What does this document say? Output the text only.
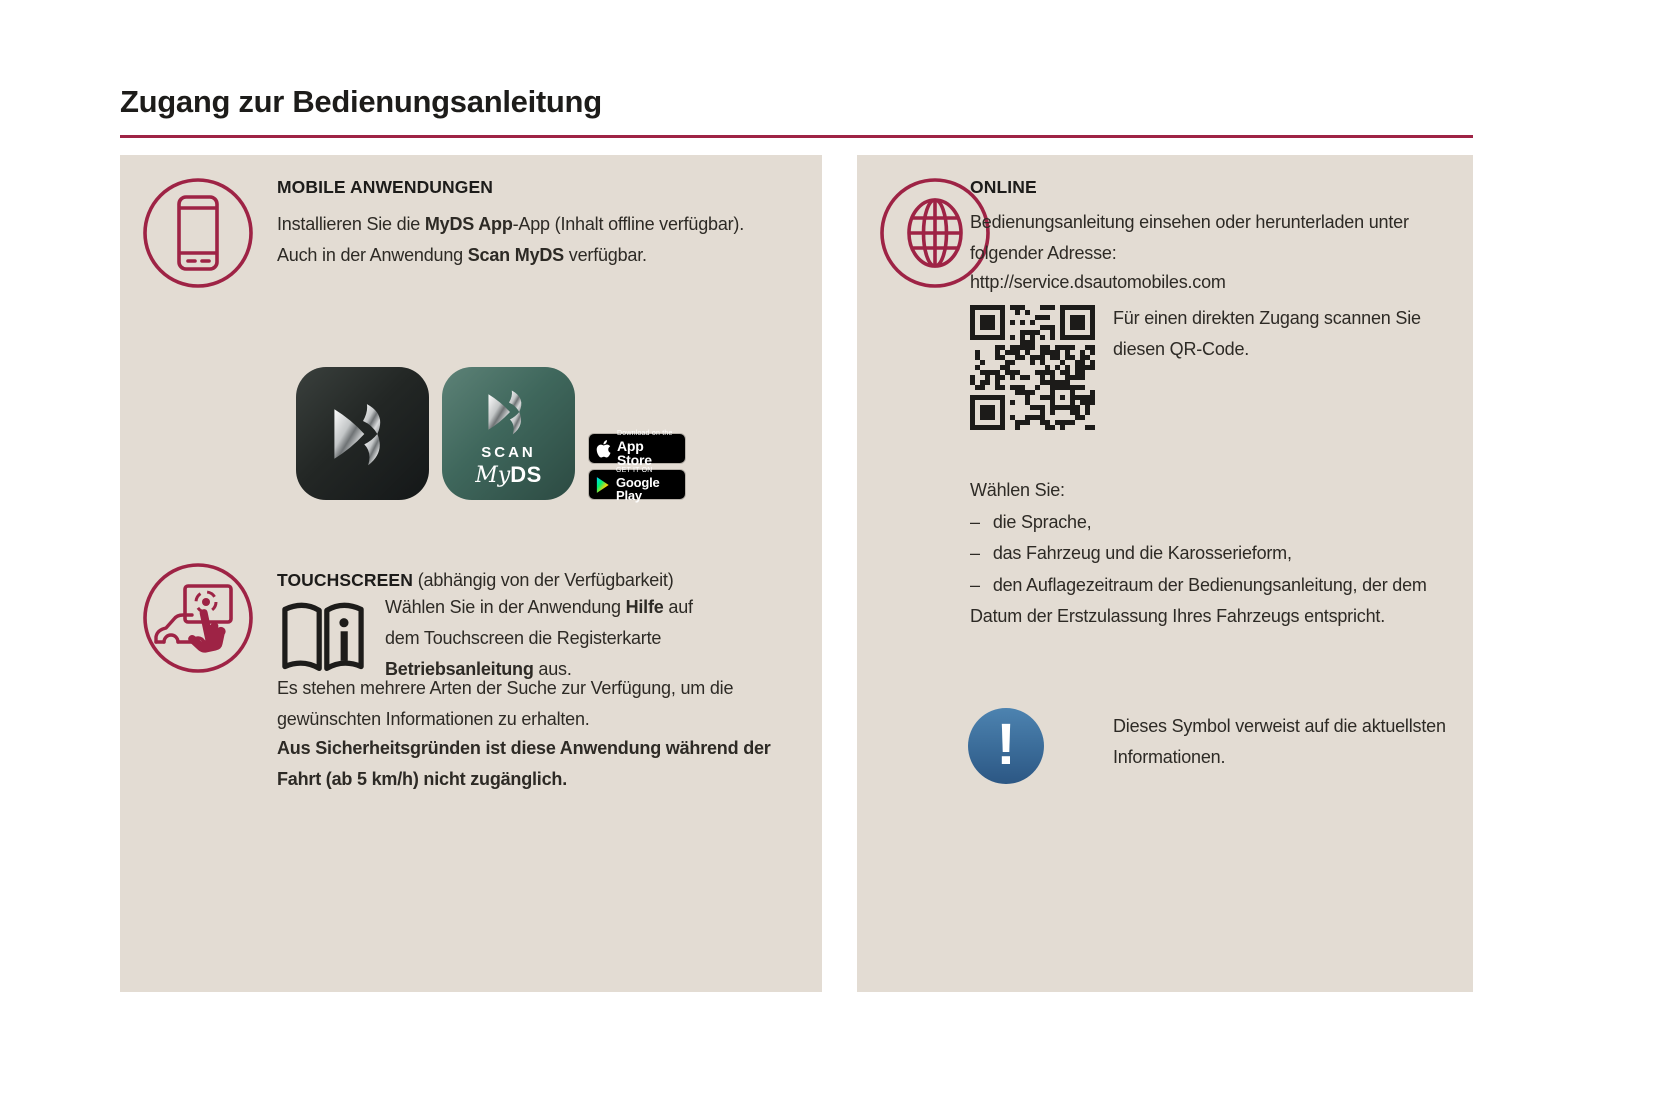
Zugang zur Bedienungsanleitung
MOBILE ANWENDUNGEN
Installieren Sie die MyDS App-App (Inhalt offline verfügbar).
Auch in der Anwendung Scan MyDS verfügbar.
SCAN
MyDS
Download on the
App Store
GET IT ON
Google Play
TOUCHSCREEN (abhängig von der Verfügbarkeit)
Wählen Sie in der Anwendung Hilfe auf dem Touchscreen die Registerkarte Betriebsanleitung aus.
Es stehen mehrere Arten der Suche zur Verfügung, um die gewünschten Informationen zu erhalten.
Aus Sicherheitsgründen ist diese Anwendung während der Fahrt (ab 5 km/h) nicht zugänglich.
ONLINE
Bedienungsanleitung einsehen oder herunterladen unter folgender Adresse:
http://service.dsautomobiles.com
Für einen direkten Zugang scannen Sie diesen QR-Code.
Wählen Sie:
– die Sprache,
– das Fahrzeug und die Karosserieform,
– den Auflagezeitraum der Bedienungsanleitung, der dem Datum der Erstzulassung Ihres Fahrzeugs entspricht.
!	Dieses Symbol verweist auf die aktuellsten Informationen.
